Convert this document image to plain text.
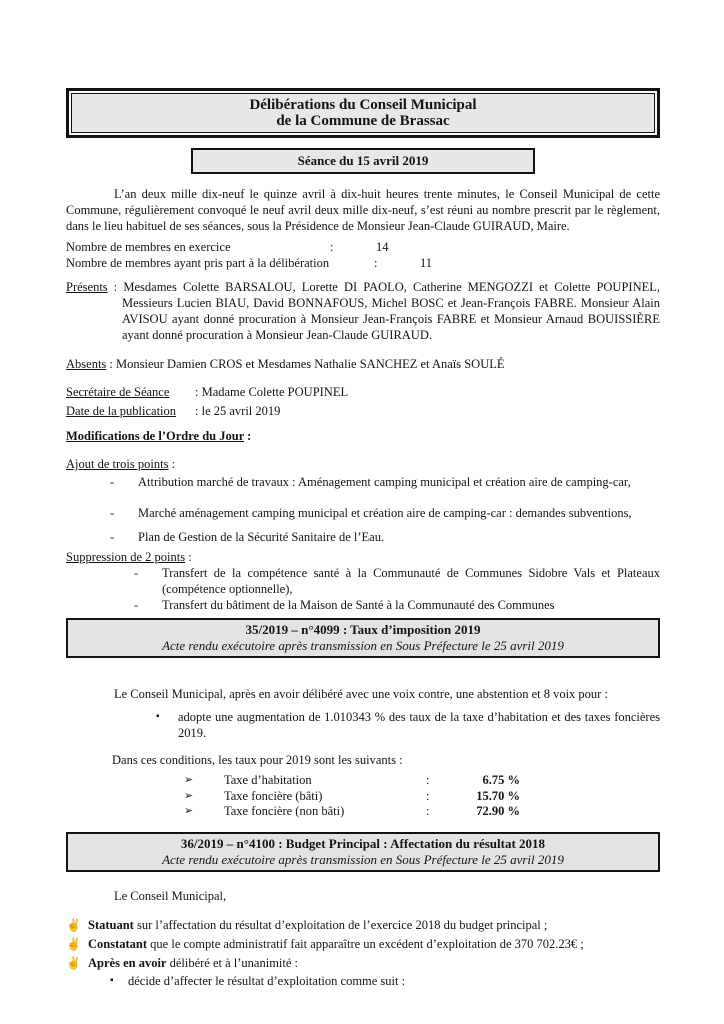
Délibérations du Conseil Municipal
de la Commune de Brassac
Séance du 15 avril 2019

L’an deux mille dix-neuf le quinze avril à dix-huit heures trente minutes, le Conseil Municipal de cette Commune, régulièrement convoqué le neuf avril deux mille dix-neuf, s’est réuni au nombre prescrit par le règlement, dans le lieu habituel de ses séances, sous la Présidence de Monsieur Jean-Claude GUIRAUD, Maire.

Nombre de membres en exercice	:	14
Nombre de membres ayant pris part à la délibération	:	11

Présents : Mesdames Colette BARSALOU, Lorette DI PAOLO, Catherine MENGOZZI et Colette POUPINEL, Messieurs Lucien BIAU, David BONNAFOUS, Michel BOSC et Jean-François FABRE. Monsieur Alain AVISOU ayant donné procuration à Monsieur Jean-François FABRE et Monsieur Arnaud BOUISSIÈRE ayant donné procuration à Monsieur Jean-Claude GUIRAUD.

Absents : Monsieur Damien CROS et Mesdames Nathalie SANCHEZ et Anaïs SOULÉ

Secrétaire de Séance	: Madame Colette POUPINEL
Date de la publication	: le 25 avril 2019
Modifications de l’Ordre du Jour :
Ajout de trois points :
-	Attribution marché de travaux : Aménagement camping municipal et création aire de camping-car,
-	Marché aménagement camping municipal et création aire de camping-car : demandes subventions,
-	Plan de Gestion de la Sécurité Sanitaire de l’Eau.
Suppression de 2 points :
-	Transfert de la compétence santé à la Communauté de Communes Sidobre Vals et Plateaux (compétence optionnelle),
-	Transfert du bâtiment de la Maison de Santé à la Communauté des Communes
35/2019 – n°4099 : Taux d’imposition 2019
Acte rendu exécutoire après transmission en Sous Préfecture le 25 avril 2019

Le Conseil Municipal, après en avoir délibéré avec une voix contre, une abstention et 8 voix pour :

▪	adopte une augmentation de 1.010343 % des taux de la taxe d’habitation et des taxes foncières 2019.
Dans ces conditions, les taux pour 2019 sont les suivants :
➢	Taxe d’habitation	:	6.75 %
➢	Taxe foncière (bâti)	:	15.70 %
➢	Taxe foncière (non bâti)	:	72.90 %
36/2019 – n°4100 : Budget Principal : Affectation du résultat 2018
Acte rendu exécutoire après transmission en Sous Préfecture le 25 avril 2019

Le Conseil Municipal,

✌ Statuant sur l’affectation du résultat d’exploitation de l’exercice 2018 du budget principal ;
✌ Constatant que le compte administratif fait apparaître un excédent d’exploitation de 370 702.23€ ;
✌ Après en avoir délibéré et à l’unanimité :
▪	décide d’affecter le résultat d’exploitation comme suit :
